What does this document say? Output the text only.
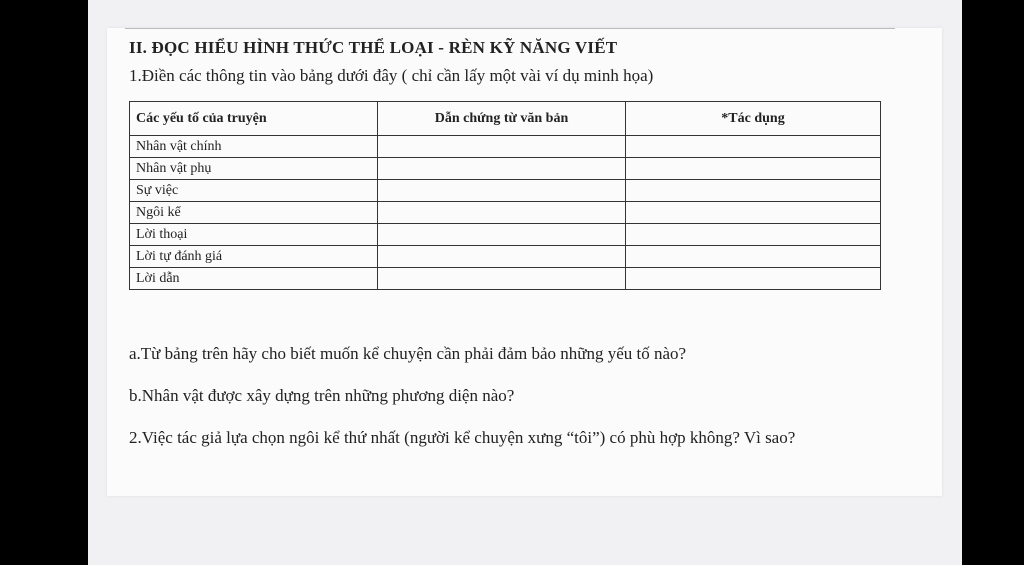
II. ĐỌC HIỂU HÌNH THỨC THỂ LOẠI - RÈN KỸ NĂNG VIẾT
1.Điền các thông tin vào bảng dưới đây ( chỉ cần lấy một vài ví dụ minh họa)
Các yếu tố của truyện	Dẫn chứng từ văn bản	*Tác dụng
Nhân vật chính		
Nhân vật phụ		
Sự việc		
Ngôi kể		
Lời thoại		
Lời tự đánh giá		
Lời dẫn		
a.Từ bảng trên hãy cho biết muốn kể chuyện cần phải đảm bảo những yếu tố nào?
b.Nhân vật được xây dựng trên những phương diện nào?
2.Việc tác giả lựa chọn ngôi kể thứ nhất (người kể chuyện xưng “tôi”) có phù hợp không? Vì sao?
